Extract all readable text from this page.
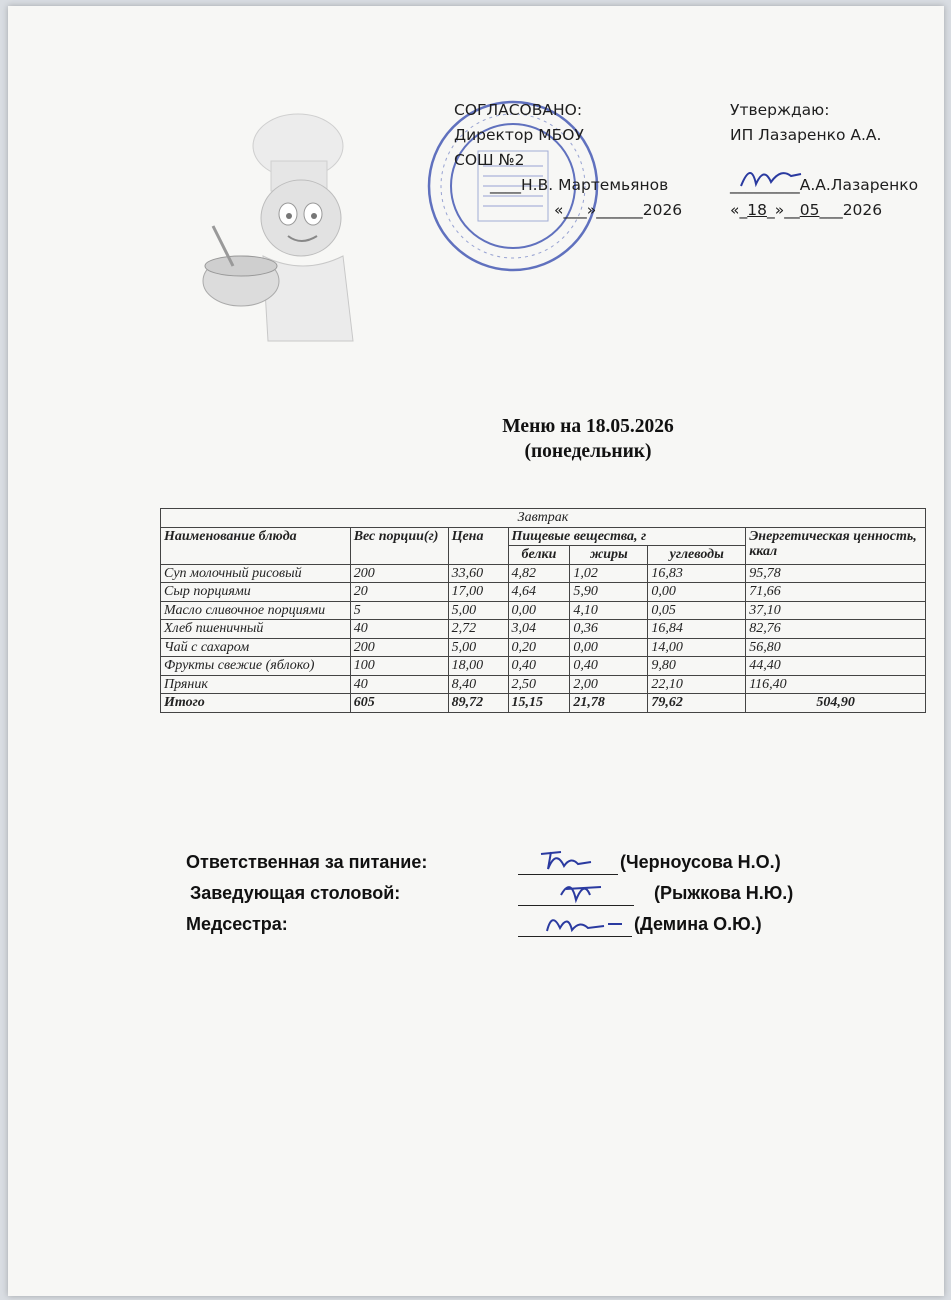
СОГЛАСОВАНО:
Директор МБОУ
СОШ №2
____Н.В. Мартемьянов
«___»______2026
Утверждаю:
ИП Лазаренко А.А.

_________А.А.Лазаренко
«_18_»__05___2026
Меню на 18.05.2026
(понедельник)
Завтрак						
Наименование блюда	Вес порции(г)	Цена	Пищевые вещества, г			Энергетическая ценность, ккал
			белки	жиры	углеводы	
Суп молочный рисовый	200	33,60	4,82	1,02	16,83	95,78
Сыр порциями	20	17,00	4,64	5,90	0,00	71,66
Масло сливочное порциями	5	5,00	0,00	4,10	0,05	37,10
Хлеб пшеничный	40	2,72	3,04	0,36	16,84	82,76
Чай с сахаром	200	5,00	0,20	0,00	14,00	56,80
Фрукты свежие (яблоко)	100	18,00	0,40	0,40	9,80	44,40
Пряник	40	8,40	2,50	2,00	22,10	116,40
Итого	605	89,72	15,15	21,78	79,62	504,90
Ответственная за питание:	(Черноусова Н.О.)
Заведующая столовой:	(Рыжкова Н.Ю.)
Медсестра:	(Демина О.Ю.)
